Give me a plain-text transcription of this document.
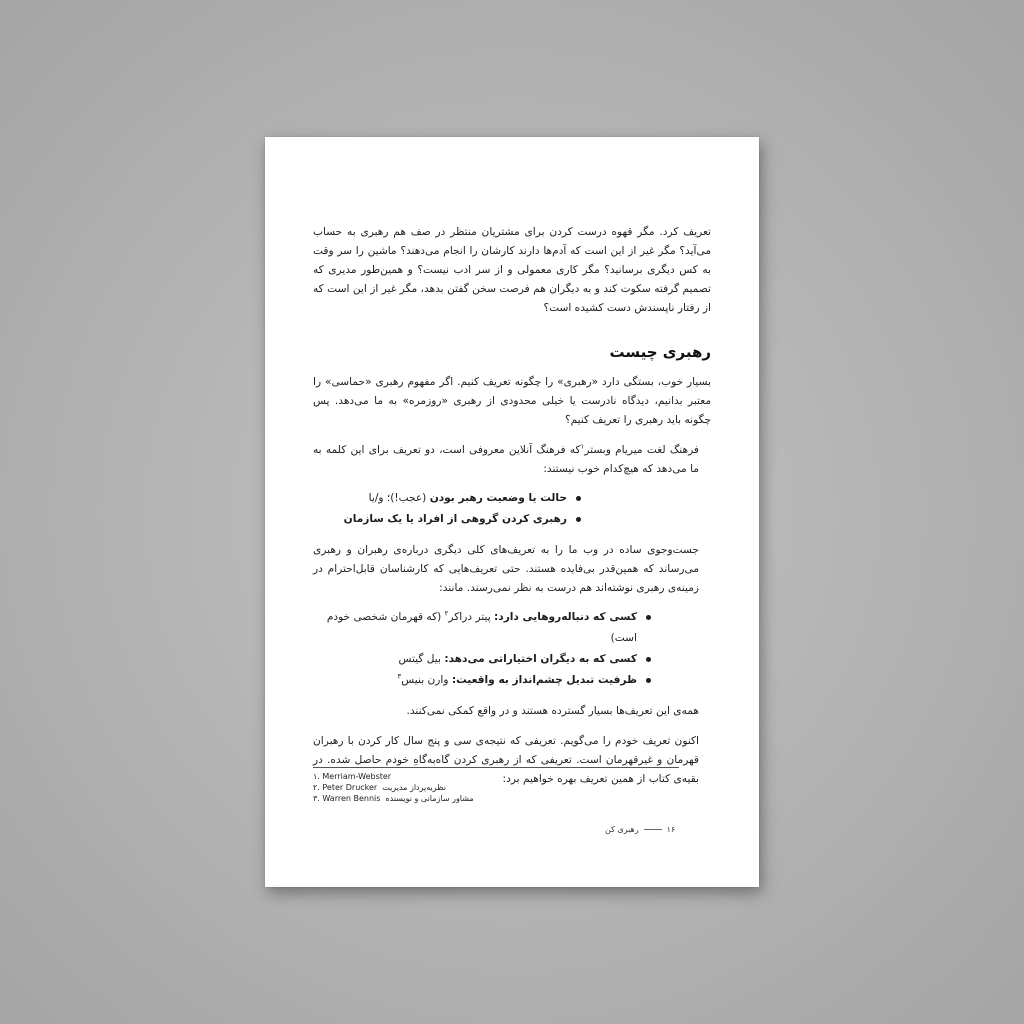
تعریف کرد. مگر قهوه درست کردن برای مشتریان منتظر در صف هم رهبری به حساب می‌آید؟ مگر غیر از این است که آدم‌ها دارند کارشان را انجام می‌دهند؟ ماشین را سر وقت به کس دیگری برسانید؟ مگر کاری معمولی و از سر ادب نیست؟ و همین‌طور مدیری که تصمیم گرفته سکوت کند و به دیگران هم فرصت سخن گفتن بدهد، مگر غیر از این است که از رفتار ناپسندش دست کشیده است؟

رهبری چیست

بسیار خوب، بستگی دارد «رهبری» را چگونه تعریف کنیم. اگر مفهوم رهبری «حماسی» را معتبر بدانیم، دیدگاه نادرست یا خیلی محدودی از رهبری «روزمره» به ما می‌دهد. پس چگونه باید رهبری را تعریف کنیم؟

فرهنگ لغت میریام وبستر$^۱$که فرهنگ آنلاین معروفی است، دو تعریف برای این کلمه به ما می‌دهد که هیچ‌کدام خوب نیستند:

حالت یا وضعیت رهبر بودن (عجب!)؛ و/یا
رهبری کردن گروهی از افراد یا یک سازمان

جست‌وجوی ساده در وب ما را به تعریف‌های کلی دیگری درباره‌ی رهبران و رهبری می‌رساند که همین‌قدر بی‌فایده هستند. حتی تعریف‌هایی که کارشناسان قابل‌احترام در زمینه‌ی رهبری نوشته‌اند هم درست به نظر نمی‌رسند. مانند:

کسی که دنباله‌روهایی دارد: پیتر دراکر$^۲$ (که قهرمان شخصی خودم است)
کسی که به دیگران اختیاراتی می‌دهد: بیل گیتس
ظرفیت تبدیل چشم‌انداز به واقعیت: وارن بنیس$^۳$

همه‌ی این تعریف‌ها بسیار گسترده هستند و در واقع کمکی نمی‌کنند.

اکنون تعریف خودم را می‌گویم. تعریفی که نتیجه‌ی سی و پنج سال کار کردن با رهبران قهرمان و غیرقهرمان است. تعریفی که از رهبری کردن گاه‌به‌گاهِ خودم حاصل شده. در بقیه‌ی کتاب از همین تعریف بهره خواهیم برد:

۱. Merriam-Webster
۲. Peter Drucker نظریه‌پرداز مدیریت
۳. Warren Bennis مشاور سازمانی و نویسنده
۱۶رهبری کن
